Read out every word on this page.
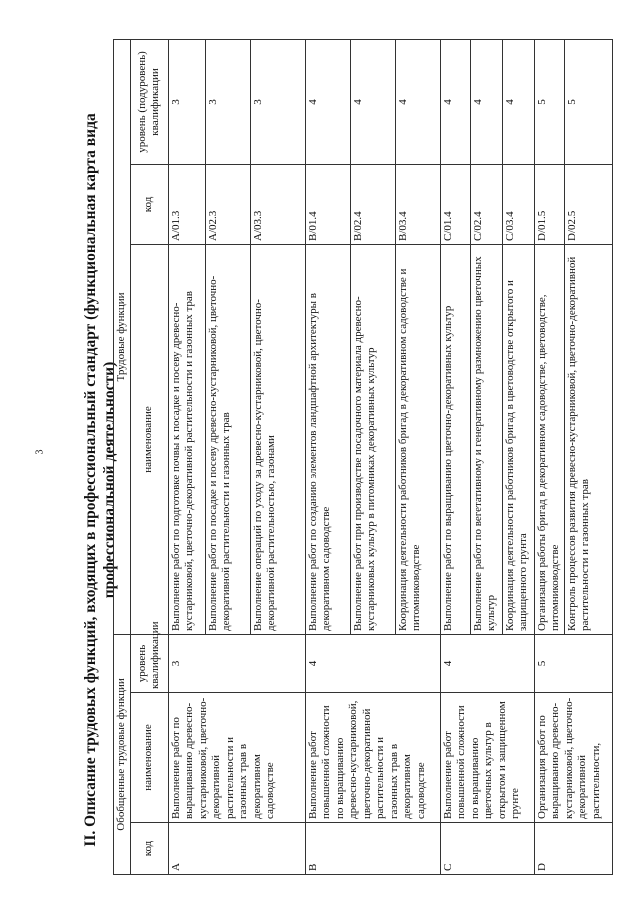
3 II. Описание трудовых функций, входящих в профессиональный стандарт (функциональная карта вида профессиональной деятельности)
Обобщенные трудовые функции			Трудовые функции		
код	наименование	уровень квалификации	наименование	код	уровень (подуровень) квалификации
A	Выполнение работ по выращиванию древесно-кустарниковой, цветочно-декоративной растительности и газонных трав в декоративном садоводстве	3	Выполнение работ по подготовке почвы к посадке и посеву древесно-кустарниковой, цветочно-декоративной растительности и газонных трав	A/01.3	3
			Выполнение работ по посадке и посеву древесно-кустарниковой, цветочно-декоративной растительности и газонных трав	A/02.3	3
			Выполнение операций по уходу за древесно-кустарниковой, цветочно-декоративной растительностью, газонами	A/03.3	3
B	Выполнение работ повышенной сложности по выращиванию древесно-кустарниковой, цветочно-декоративной растительности и газонных трав в декоративном садоводстве	4	Выполнение работ по созданию элементов ландшафтной архитектуры в декоративном садоводстве	B/01.4	4
			Выполнение работ при производстве посадочного материала древесно-кустарниковых культур в питомниках декоративных культур	B/02.4	4
			Координация деятельности работников бригад в декоративном садоводстве и питомниководстве	B/03.4	4
C	Выполнение работ повышенной сложности по выращиванию цветочных культур в открытом и защищенном грунте	4	Выполнение работ по выращиванию цветочно-декоративных культур	C/01.4	4
			Выполнение работ по вегетативному и генеративному размножению цветочных культур	C/02.4	4
			Координация деятельности работников бригад в цветоводстве открытого и защищенного грунта	C/03.4	4
D	Организация работ по выращиванию древесно-кустарниковой, цветочно-декоративной растительности,	5	Организация работы бригад в декоративном садоводстве, цветоводстве, питомниководстве	D/01.5	5
			Контроль процессов развития древесно-кустарниковой, цветочно-декоративной растительности и газонных трав	D/02.5	5
